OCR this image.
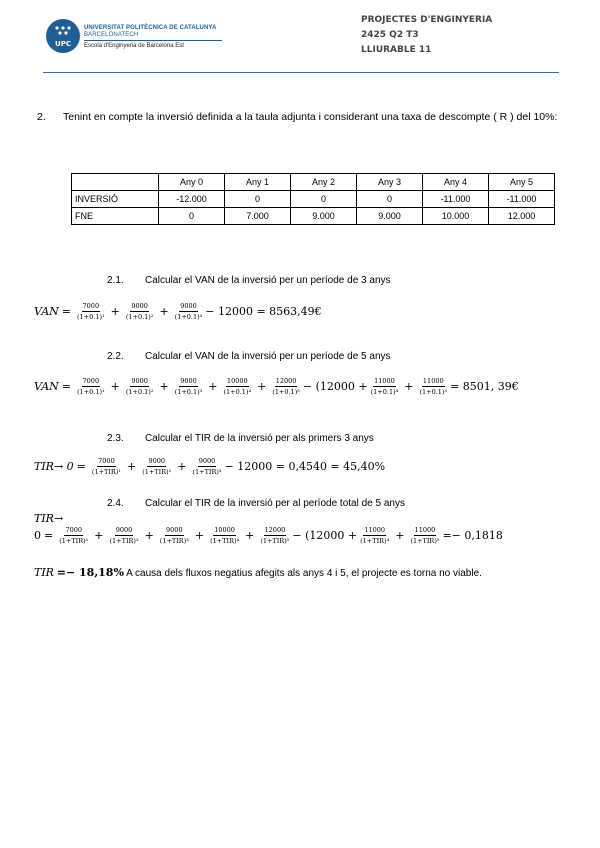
UPC
UNIVERSITAT POLITÈCNICA DE CATALUNYA
BARCELONATECH
Escola d'Enginyeria de Barcelona Est
PROJECTES D'ENGINYERIA
2425 Q2 T3
LLIURABLE 11
2. Tenint en compte la inversió definida a la taula adjunta i considerant una taxa de descompte ( R ) del 10%:
	Any 0	Any 1	Any 2	Any 3	Any 4	Any 5
INVERSIÓ	-12.000	0	0	0	-11.000	-11.000
FNE	0	7.000	9.000	9.000	10.000	12.000
2.1. Calcular el VAN de la inversió per un període de 3 anys
VAN = $\frac{7000}{\text{(1+0.1)¹}} + \frac{9000}{\text{(1+0.1)²}} + \frac{9000}{\text{(1+0.1)³}} - 12000$ = 8563,49€
2.2. Calcular el VAN de la inversió per un període de 5 anys
VAN = $\frac{7000}{\text{(1+0.1)¹}} + \frac{9000}{\text{(1+0.1)²}} + \frac{9000}{\text{(1+0.1)³}} + \frac{10000}{\text{(1+0.1)⁴}} + \frac{12000}{\text{(1+0.1)⁵}} - (12000 + \frac{11000}{\text{(1+0.1)⁴}} + \frac{11000}{\text{(1+0.1)⁵}} = 8501$, 39€
2.3. Calcular el TIR de la inversió per als primers 3 anys
$TIR\to 0 = \frac{7000}{\text{(1+TIR)¹}} + \frac{9000}{\text{(1+TIR)²}} + \frac{9000}{\text{(1+TIR)³}} - 12000 = 0,4540 = 45,40\%$
2.4. Calcular el TIR de la inversió per al període total de 5 anys
TIR→
$0 = \frac{7000}{\text{(1+TIR)¹}} + \frac{9000}{\text{(1+TIR)²}} + \frac{9000}{\text{(1+TIR)³}} + \frac{10000}{\text{(1+TIR)⁴}} + \frac{12000}{\text{(1+TIR)⁵}} - (12000 + \frac{11000}{\text{(1+TIR)⁴}} + \frac{11000}{\text{(1+TIR)⁵}} =- 0,1818$
TIR =− 18,18% A causa dels fluxos negatius afegits als anys 4 i 5, el projecte es torna no viable.
